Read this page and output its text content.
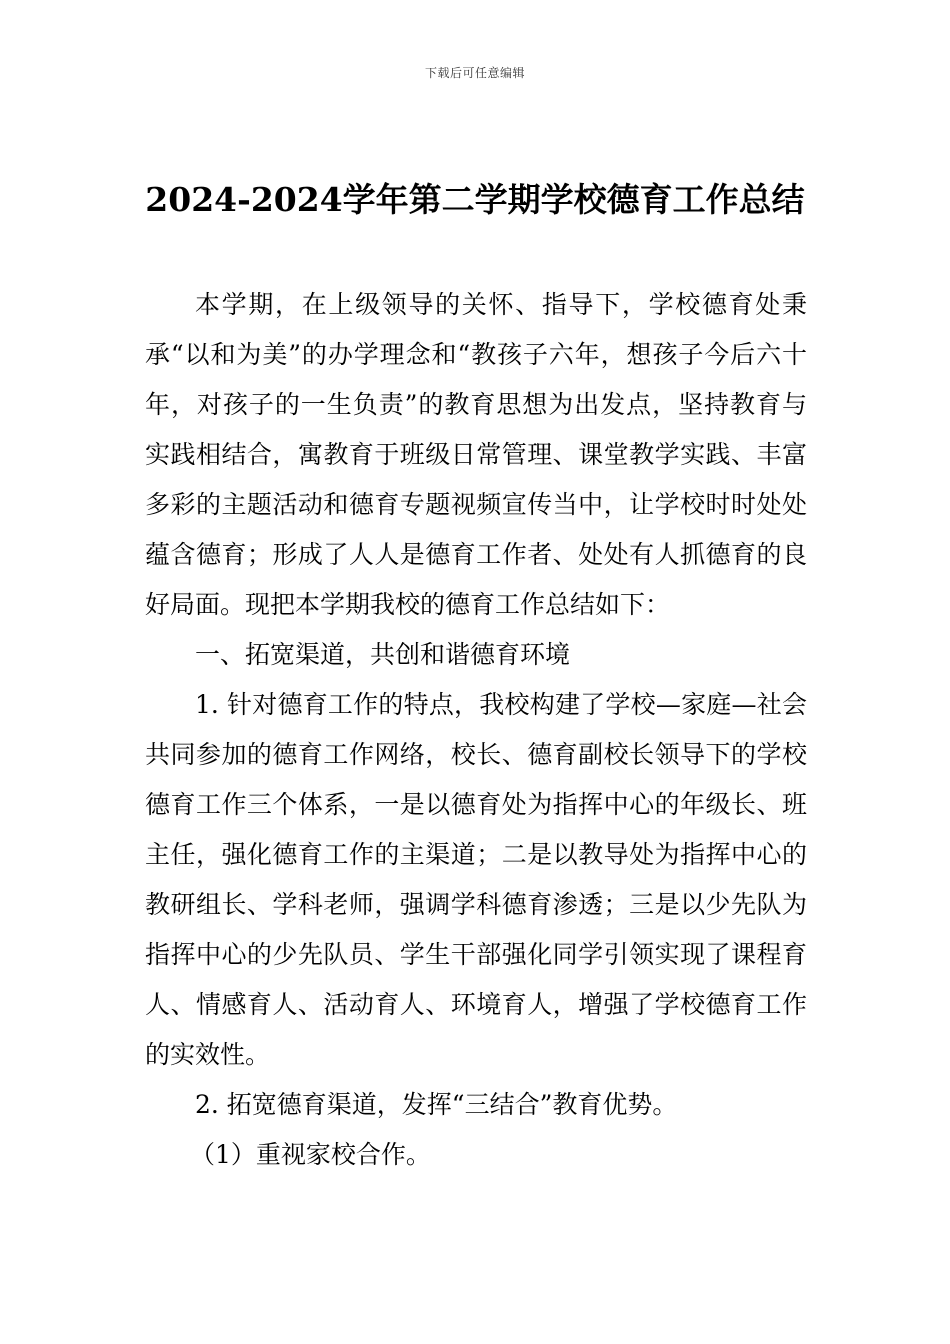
下载后可任意编辑
2024-2024学年第二学期学校德育工作总结

本学期，在上级领导的关怀、指导下，学校德育处秉承“以和为美”的办学理念和“教孩子六年，想孩子今后六十年，对孩子的一生负责”的教育思想为出发点，坚持教育与实践相结合，寓教育于班级日常管理、课堂教学实践、丰富多彩的主题活动和德育专题视频宣传当中，让学校时时处处蕴含德育；形成了人人是德育工作者、处处有人抓德育的良好局面。现把本学期我校的德育工作总结如下：

一、拓宽渠道，共创和谐德育环境

1. 针对德育工作的特点，我校构建了学校—家庭—社会共同参加的德育工作网络，校长、德育副校长领导下的学校德育工作三个体系，一是以德育处为指挥中心的年级长、班主任，强化德育工作的主渠道；二是以教导处为指挥中心的教研组长、学科老师，强调学科德育渗透；三是以少先队为指挥中心的少先队员、学生干部强化同学引领实现了课程育人、情感育人、活动育人、环境育人，增强了学校德育工作的实效性。

2. 拓宽德育渠道，发挥“三结合”教育优势。

（1）重视家校合作。
